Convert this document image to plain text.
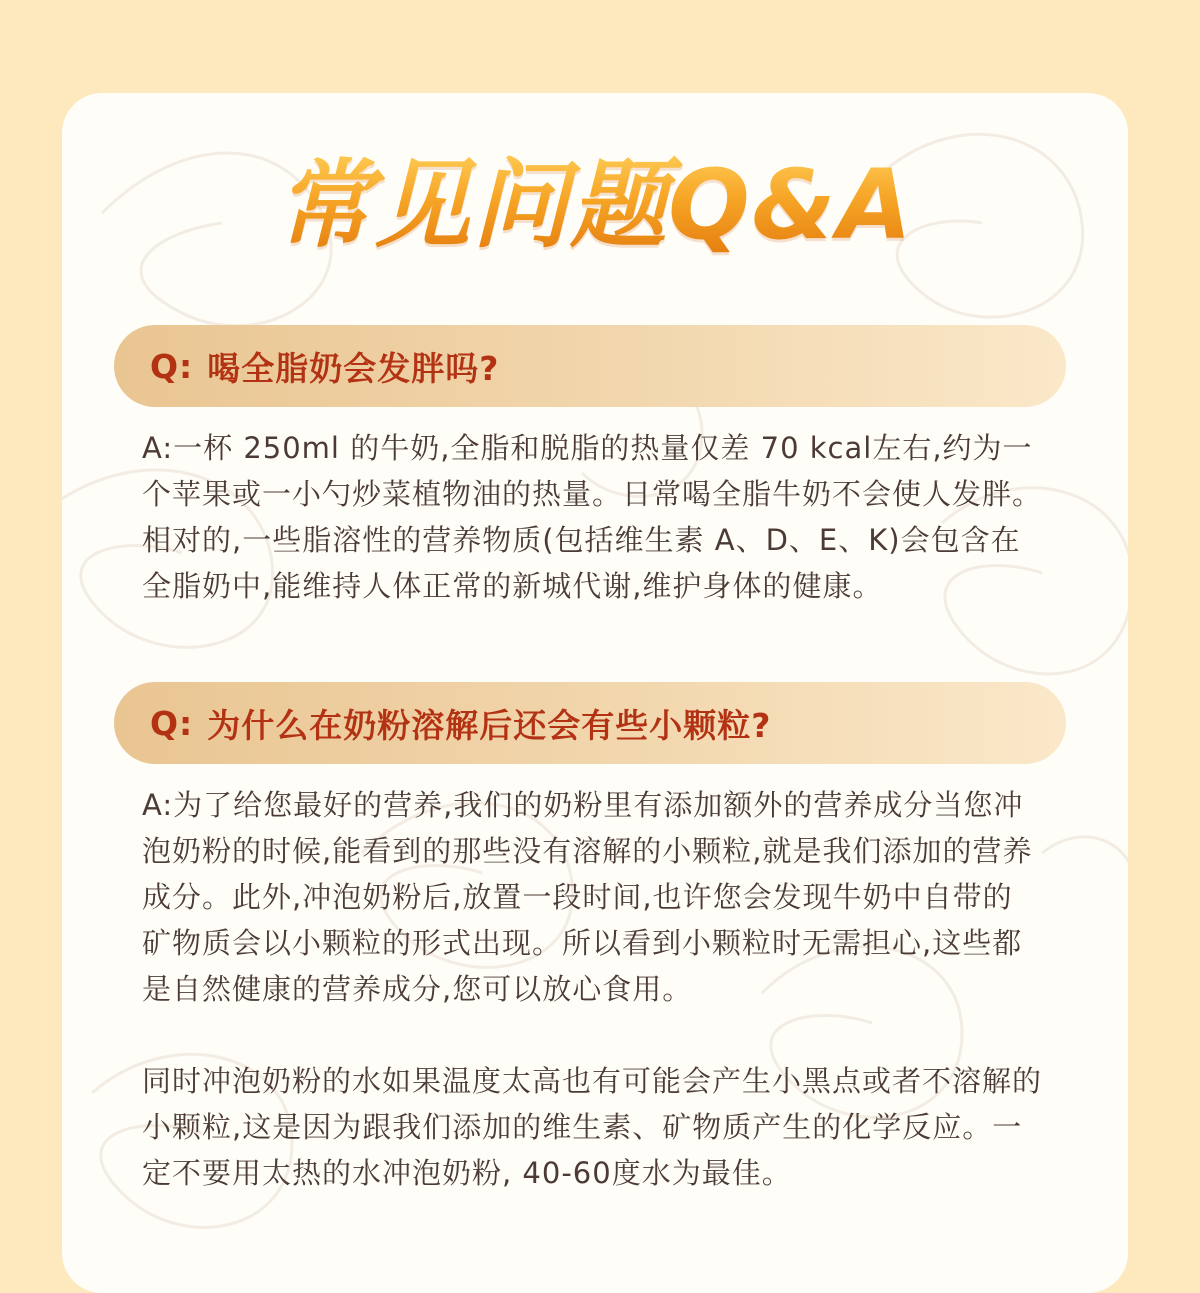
常见问题Q&A
Q: 喝全脂奶会发胖吗?

A:一杯 250ml 的牛奶,全脂和脱脂的热量仅差 70 kcal左右,约为一个苹果或一小勺炒菜植物油的热量。日常喝全脂牛奶不会使人发胖。相对的,一些脂溶性的营养物质(包括维生素 A、D、E、K)会包含在全脂奶中,能维持人体正常的新城代谢,维护身体的健康。

Q: 为什么在奶粉溶解后还会有些小颗粒?

A:为了给您最好的营养,我们的奶粉里有添加额外的营养成分当您冲泡奶粉的时候,能看到的那些没有溶解的小颗粒,就是我们添加的营养成分。此外,冲泡奶粉后,放置一段时间,也许您会发现牛奶中自带的矿物质会以小颗粒的形式出现。所以看到小颗粒时无需担心,这些都是自然健康的营养成分,您可以放心食用。

同时冲泡奶粉的水如果温度太高也有可能会产生小黑点或者不溶解的小颗粒,这是因为跟我们添加的维生素、矿物质产生的化学反应。一定不要用太热的水冲泡奶粉, 40-60度水为最佳。
